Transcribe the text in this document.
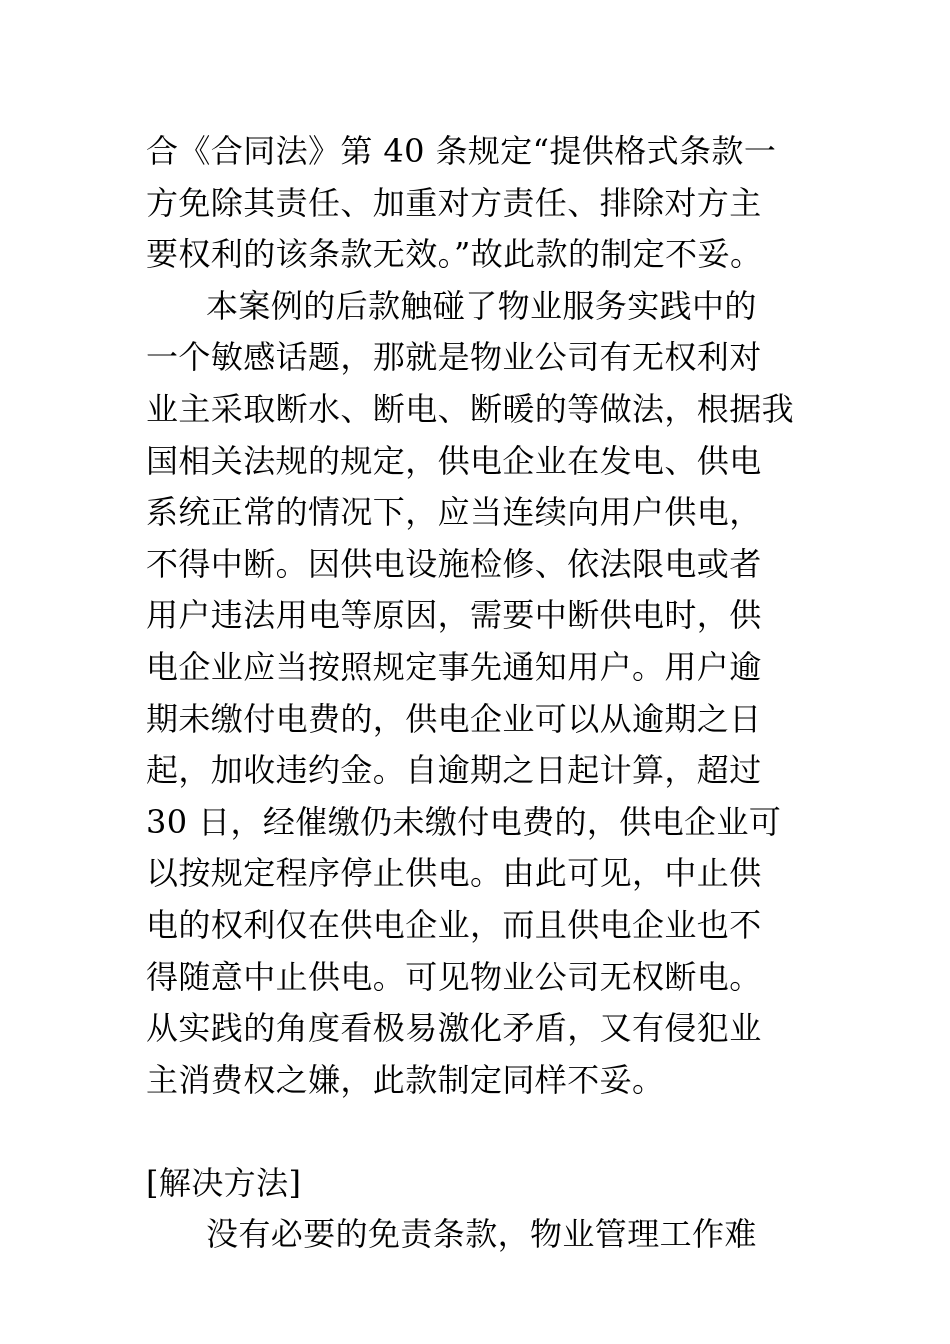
合《合同法》第 40 条规定“提供格式条款一
方免除其责任、加重对方责任、排除对方主
要权利的该条款无效。”故此款的制定不妥。
本案例的后款触碰了物业服务实践中的
一个敏感话题，那就是物业公司有无权利对
业主采取断水、断电、断暖的等做法，根据我
国相关法规的规定，供电企业在发电、供电
系统正常的情况下，应当连续向用户供电，
不得中断。因供电设施检修、依法限电或者
用户违法用电等原因，需要中断供电时，供
电企业应当按照规定事先通知用户。用户逾
期未缴付电费的，供电企业可以从逾期之日
起，加收违约金。自逾期之日起计算，超过
30 日，经催缴仍未缴付电费的，供电企业可
以按规定程序停止供电。由此可见，中止供
电的权利仅在供电企业，而且供电企业也不
得随意中止供电。可见物业公司无权断电。
从实践的角度看极易激化矛盾，又有侵犯业
主消费权之嫌，此款制定同样不妥。
[解决方法]
没有必要的免责条款，物业管理工作难
